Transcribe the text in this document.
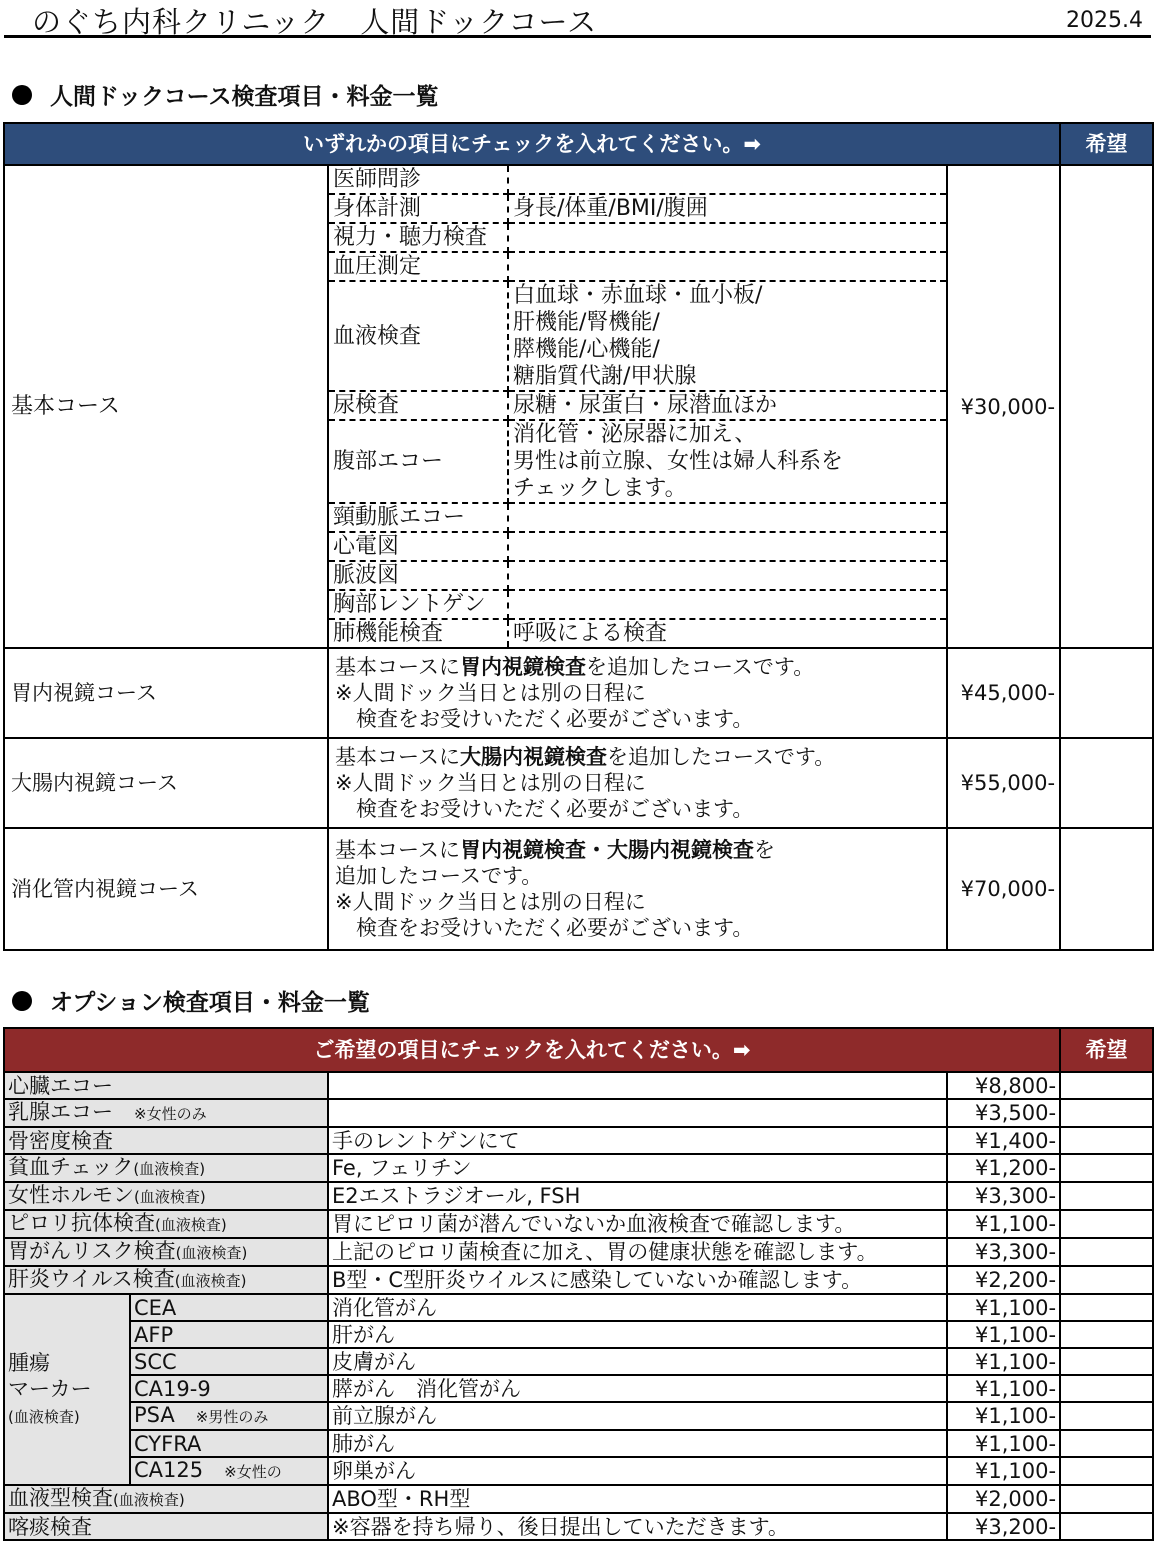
のぐち内科クリニック　人間ドックコース	2025.4
人間ドックコース検査項目・料金一覧
いずれかの項目にチェックを入れてください。➡	希望
基本コース	
医師問診	
身体計測	身長/体重/BMI/腹囲
視力・聴力検査	
血圧測定	
血液検査	白血球・赤血球・血小板/
肝機能/腎機能/
膵機能/心機能/
糖脂質代謝/甲状腺
尿検査	尿糖・尿蛋白・尿潜血ほか
腹部エコー	消化管・泌尿器に加え、
男性は前立腺、女性は婦人科系を
チェックします。
頸動脈エコー	
心電図	
脈波図	
胸部レントゲン	
肺機能検査	呼吸による検査
	¥30,000-	
胃内視鏡コース	基本コースに胃内視鏡検査を追加したコースです。
※人間ドック当日とは別の日程に
　検査をお受けいただく必要がございます。	¥45,000-	
大腸内視鏡コース	基本コースに大腸内視鏡検査を追加したコースです。
※人間ドック当日とは別の日程に
　検査をお受けいただく必要がございます。	¥55,000-	
消化管内視鏡コース	基本コースに胃内視鏡検査・大腸内視鏡検査を
追加したコースです。
※人間ドック当日とは別の日程に
　検査をお受けいただく必要がございます。	¥70,000-	
オプション検査項目・料金一覧
ご希望の項目にチェックを入れてください。➡				希望
心臓エコー			¥8,800-	
乳腺エコー　※女性のみ			¥3,500-	
骨密度検査		手のレントゲンにて	¥1,400-	
貧血チェック(血液検査)		Fe, フェリチン	¥1,200-	
女性ホルモン(血液検査)		E2エストラジオール, FSH	¥3,300-	
ピロリ抗体検査(血液検査)		胃にピロリ菌が潜んでいないか血液検査で確認します。	¥1,100-	
胃がんリスク検査(血液検査)		上記のピロリ菌検査に加え、胃の健康状態を確認します。	¥3,300-	
肝炎ウイルス検査(血液検査)		B型・C型肝炎ウイルスに感染していないか確認します。	¥2,200-	
腫瘍
マーカー
(血液検査)	CEA	消化管がん	¥1,100-	
	AFP	肝がん	¥1,100-	
	SCC	皮膚がん	¥1,100-	
	CA19-9	膵がん　消化管がん	¥1,100-	
	PSA　※男性のみ	前立腺がん	¥1,100-	
	CYFRA	肺がん	¥1,100-	
	CA125　※女性の	卵巣がん	¥1,100-	
血液型検査(血液検査)		ABO型・RH型	¥2,000-	
喀痰検査		※容器を持ち帰り、後日提出していただきます。	¥3,200-	
